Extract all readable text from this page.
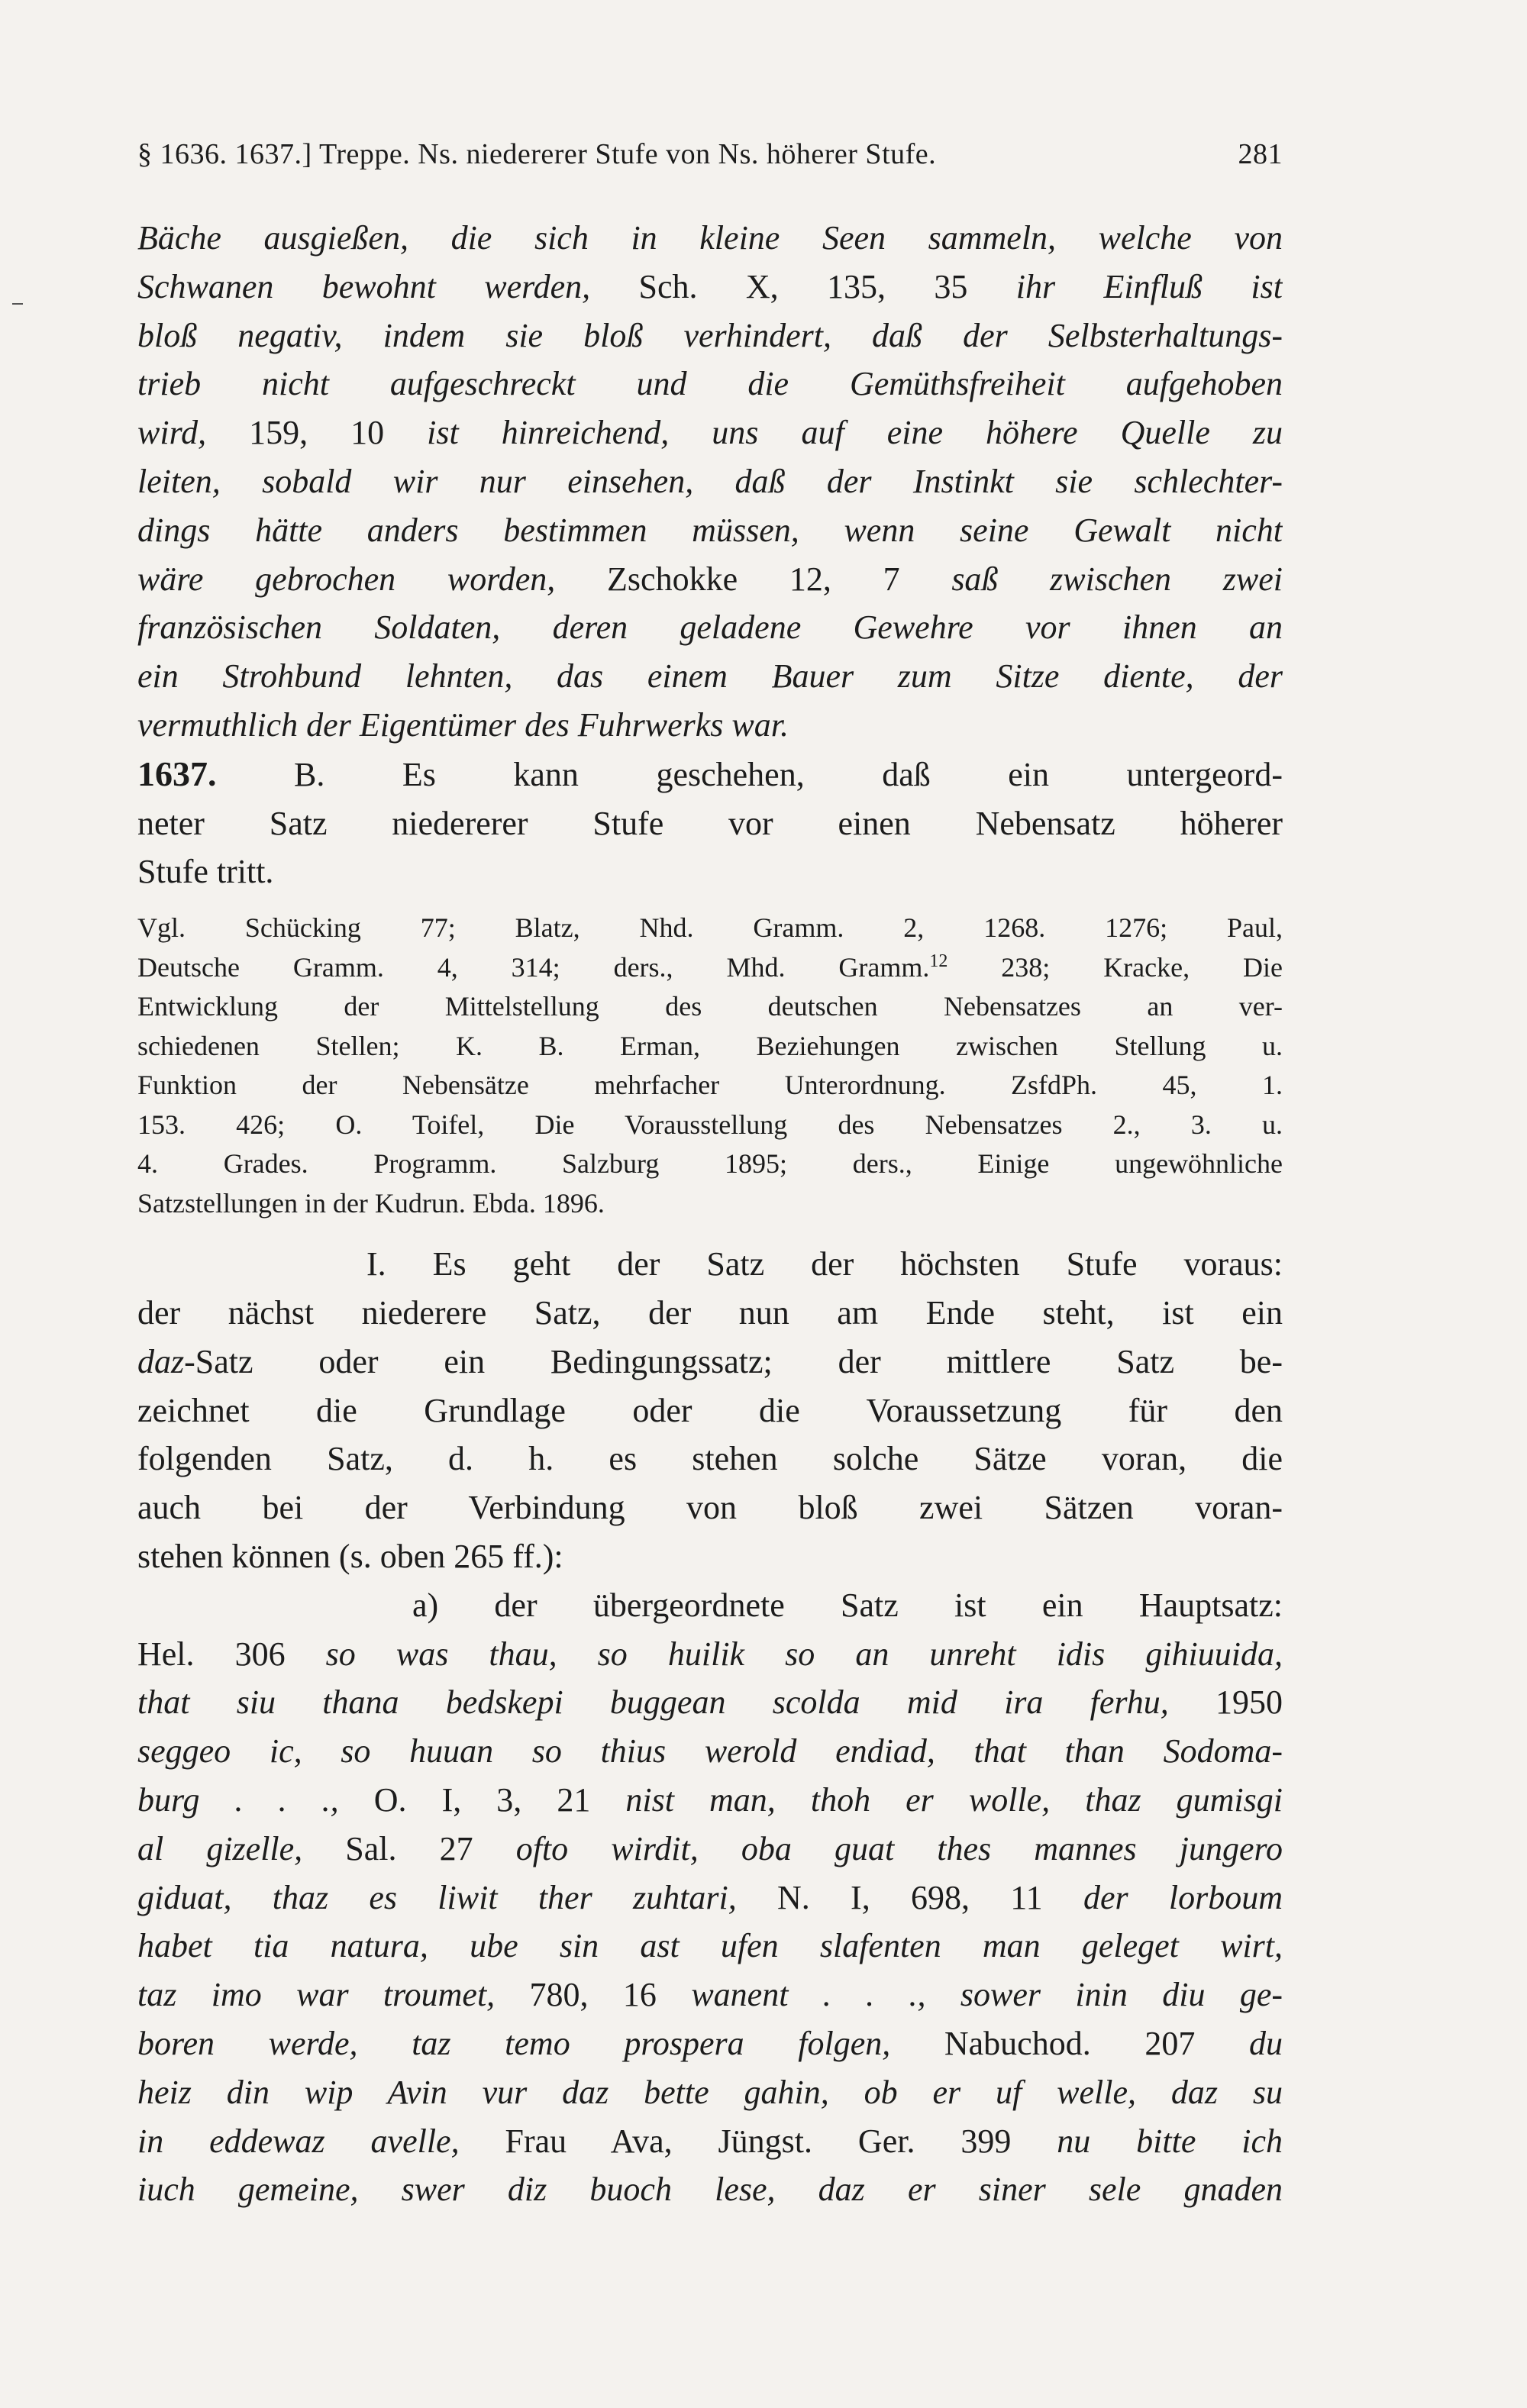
§ 1636. 1637.] Treppe. Ns. niedererer Stufe von Ns. höherer Stufe.	281
Bäche ausgießen, die sich in kleine Seen sammeln, welche von
Schwanen bewohnt werden, Sch. X, 135, 35 ihr Einfluß ist
bloß negativ, indem sie bloß verhindert, daß der Selbsterhaltungs-
trieb nicht aufgeschreckt und die Gemüthsfreiheit aufgehoben
wird, 159, 10 ist hinreichend, uns auf eine höhere Quelle zu
leiten, sobald wir nur einsehen, daß der Instinkt sie schlechter-
dings hätte anders bestimmen müssen, wenn seine Gewalt nicht
wäre gebrochen worden, Zschokke 12, 7 saß zwischen zwei
französischen Soldaten, deren geladene Gewehre vor ihnen an
ein Strohbund lehnten, das einem Bauer zum Sitze diente, der
vermuthlich der Eigentümer des Fuhrwerks war.
1637. B. Es kann geschehen, daß ein untergeord-
neter Satz niedererer Stufe vor einen Nebensatz höherer
Stufe tritt.
Vgl. Schücking 77; Blatz, Nhd. Gramm. 2, 1268. 1276; Paul,
Deutsche Gramm. 4, 314; ders., Mhd. Gramm.$^{12}$ 238; Kracke, Die
Entwicklung der Mittelstellung des deutschen Nebensatzes an ver-
schiedenen Stellen; K. B. Erman, Beziehungen zwischen Stellung u.
Funktion der Nebensätze mehrfacher Unterordnung. ZsfdPh. 45, 1.
153. 426; O. Toifel, Die Vorausstellung des Nebensatzes 2., 3. u.
4. Grades. Programm. Salzburg 1895; ders., Einige ungewöhnliche
Satzstellungen in der Kudrun. Ebda. 1896.
I. Es geht der Satz der höchsten Stufe voraus:
der nächst niederere Satz, der nun am Ende steht, ist ein
daz-Satz oder ein Bedingungssatz; der mittlere Satz be-
zeichnet die Grundlage oder die Voraussetzung für den
folgenden Satz, d. h. es stehen solche Sätze voran, die
auch bei der Verbindung von bloß zwei Sätzen voran-
stehen können (s. oben 265 ff.):
a) der übergeordnete Satz ist ein Hauptsatz:
Hel. 306 so was thau, so huilik so an unreht idis gihiuuida,
that siu thana bedskepi buggean scolda mid ira ferhu, 1950
seggeo ic, so huuan so thius werold endiad, that than Sodoma-
burg . . ., O. I, 3, 21 nist man, thoh er wolle, thaz gumisgi
al gizelle, Sal. 27 ofto wirdit, oba guat thes mannes jungero
giduat, thaz es liwit ther zuhtari, N. I, 698, 11 der lorboum
habet tia natura, ube sin ast ufen slafenten man geleget wirt,
taz imo war troumet, 780, 16 wanent . . ., sower inin diu ge-
boren werde, taz temo prospera folgen, Nabuchod. 207 du
heiz din wip Avin vur daz bette gahin, ob er uf welle, daz su
in eddewaz avelle, Frau Ava, Jüngst. Ger. 399 nu bitte ich
iuch gemeine, swer diz buoch lese, daz er siner sele gnaden
